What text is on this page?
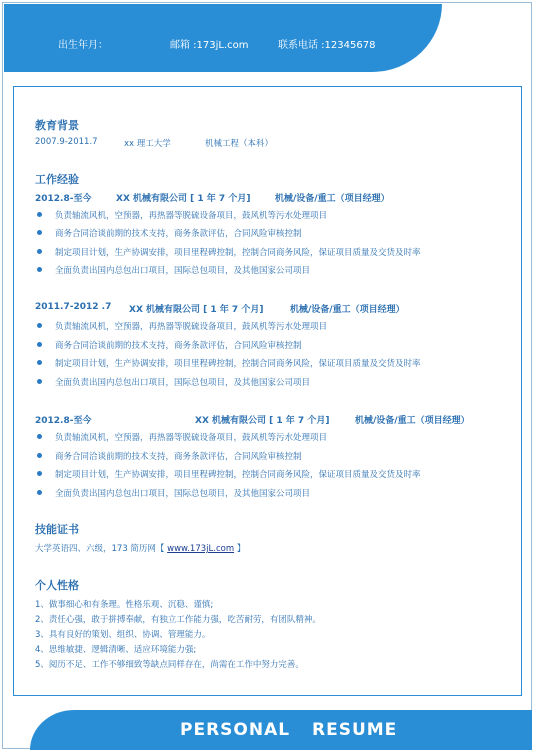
出生年月：	邮箱 :173jL.com	联系电话 :12345678
教育背景
2007.9-2011.7	xx 理工大学	机械工程（本科）
工作经验
2012.8-至今	XX 机械有限公司 [ 1 年 7 个月]	机械/设备/重工（项目经理）
负责轴流风机，空预器，再热器等脱硫设备项目，鼓风机等污水处理项目
商务合同洽谈前期的技术支持，商务条款评估，合同风险审核控制
制定项目计划，生产协调安排，项目里程碑控制，控制合同商务风险，保证项目质量及交货及时率
全面负责出国内总包出口项目，国际总包项目，及其他国家公司项目
2011.7-2012 .7 XX 机械有限公司 [ 1 年 7 个月]	机械/设备/重工（项目经理）
负责轴流风机，空预器，再热器等脱硫设备项目，鼓风机等污水处理项目
商务合同洽谈前期的技术支持，商务条款评估，合同风险审核控制
制定项目计划，生产协调安排，项目里程碑控制，控制合同商务风险，保证项目质量及交货及时率
全面负责出国内总包出口项目，国际总包项目，及其他国家公司项目
2012.8-至今	XX 机械有限公司 [ 1 年 7 个月]	机械/设备/重工（项目经理）
负责轴流风机，空预器，再热器等脱硫设备项目，鼓风机等污水处理项目
商务合同洽谈前期的技术支持，商务条款评估，合同风险审核控制
制定项目计划，生产协调安排，项目里程碑控制，控制合同商务风险，保证项目质量及交货及时率
全面负责出国内总包出口项目，国际总包项目，及其他国家公司项目
技能证书
大学英语四、六级，173 简历网【 www.173jL.com 】
个人性格
1、做事细心和有条理。性格乐观、沉稳、谨慎;
2、责任心强，敢于拼搏奉献，有独立工作能力强，吃苦耐劳，有团队精神。
3、具有良好的策划、组织、协调、管理能力。
4、思维敏捷、逻辑清晰、适应环境能力强;
5、阅历不足、工作不够细致等缺点同样存在，尚需在工作中努力完善。
PERSONAL RESUME
